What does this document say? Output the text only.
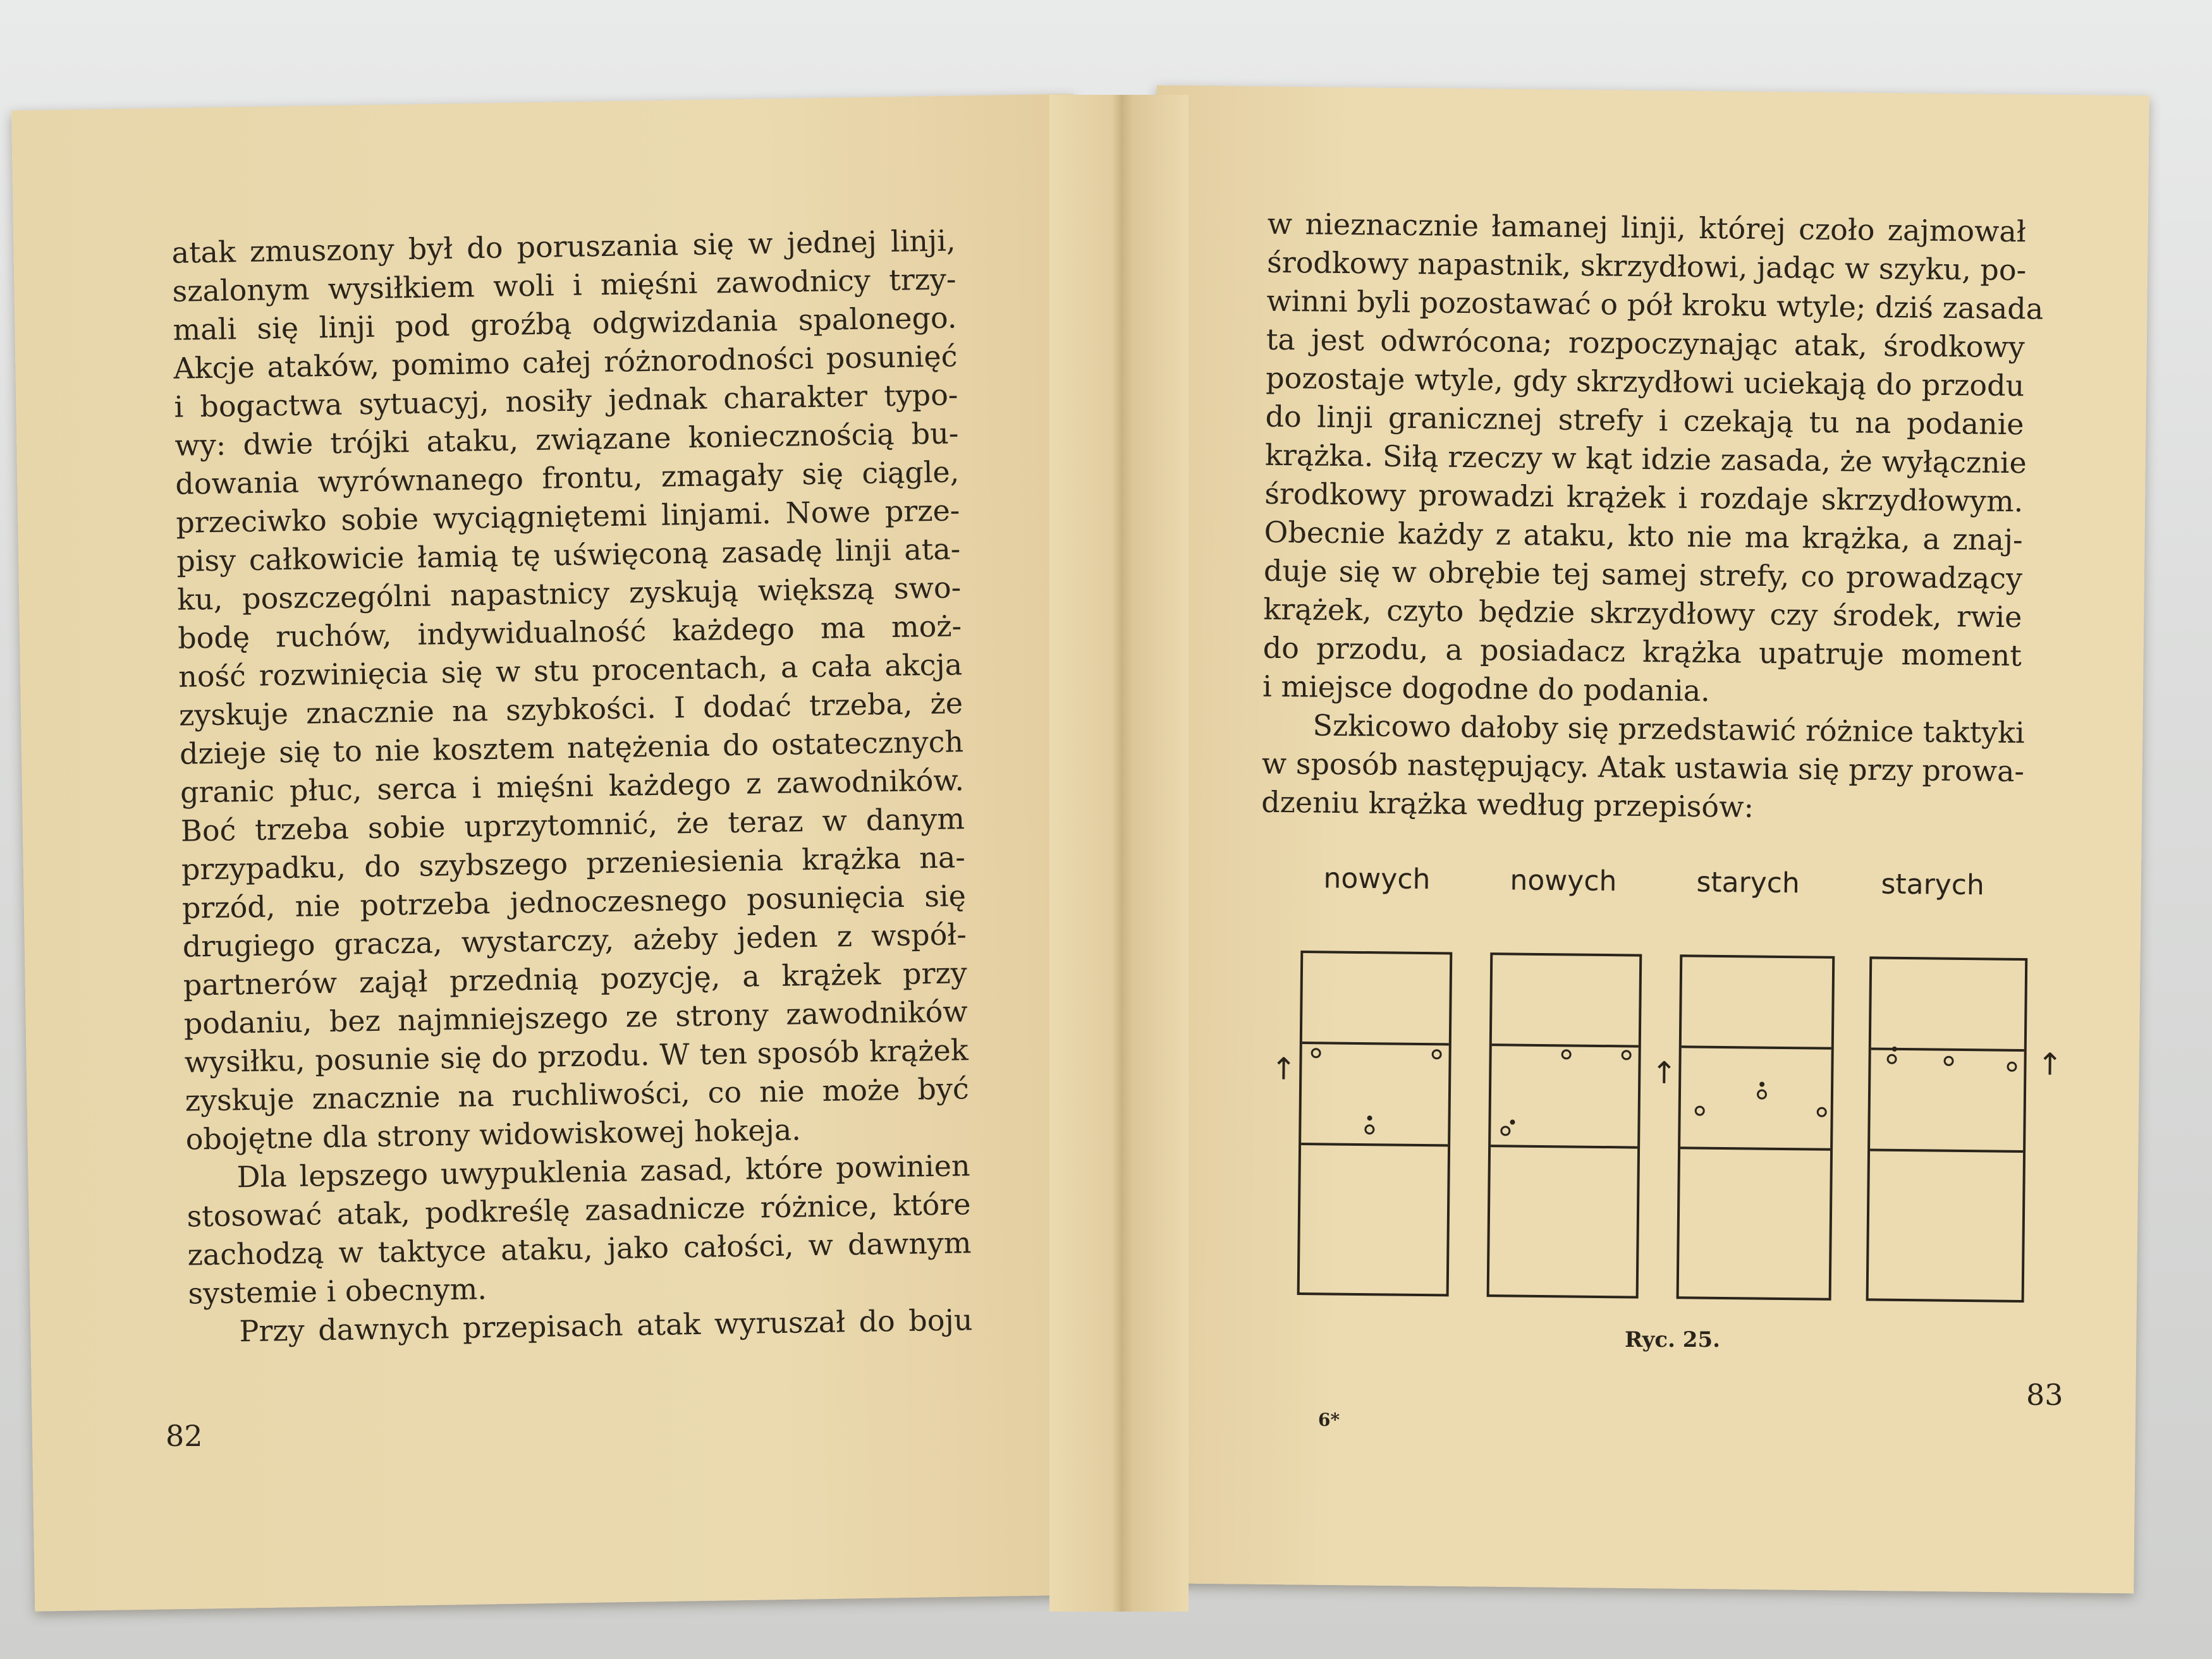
atak zmuszony był do poruszania się w jednej linji,
szalonym wysiłkiem woli i mięśni zawodnicy trzy-
mali się linji pod groźbą odgwizdania spalonego.
Akcje ataków, pomimo całej różnorodności posunięć
i bogactwa sytuacyj, nosiły jednak charakter typo-
wy: dwie trójki ataku, związane koniecznością bu-
dowania wyrównanego frontu, zmagały się ciągle,
przeciwko sobie wyciągniętemi linjami. Nowe prze-
pisy całkowicie łamią tę uświęconą zasadę linji ata-
ku, poszczególni napastnicy zyskują większą swo-
bodę ruchów, indywidualność każdego ma moż-
ność rozwinięcia się w stu procentach, a cała akcja
zyskuje znacznie na szybkości. I dodać trzeba, że
dzieje się to nie kosztem natężenia do ostatecznych
granic płuc, serca i mięśni każdego z zawodników.
Boć trzeba sobie uprzytomnić, że teraz w danym
przypadku, do szybszego przeniesienia krążka na-
przód, nie potrzeba jednoczesnego posunięcia się
drugiego gracza, wystarczy, ażeby jeden z współ-
partnerów zajął przednią pozycję, a krążek przy
podaniu, bez najmniejszego ze strony zawodników
wysiłku, posunie się do przodu. W ten sposób krążek
zyskuje znacznie na ruchliwości, co nie może być
obojętne dla strony widowiskowej hokeja.
Dla lepszego uwypuklenia zasad, które powinien
stosować atak, podkreślę zasadnicze różnice, które
zachodzą w taktyce ataku, jako całości, w dawnym
systemie i obecnym.
Przy dawnych przepisach atak wyruszał do boju
82
w nieznacznie łamanej linji, której czoło zajmował
środkowy napastnik, skrzydłowi, jadąc w szyku, po-
winni byli pozostawać o pół kroku wtyle; dziś zasada
ta jest odwrócona; rozpoczynając atak, środkowy
pozostaje wtyle, gdy skrzydłowi uciekają do przodu
do linji granicznej strefy i czekają tu na podanie
krążka. Siłą rzeczy w kąt idzie zasada, że wyłącznie
środkowy prowadzi krążek i rozdaje skrzydłowym.
Obecnie każdy z ataku, kto nie ma krążka, a znaj-
duje się w obrębie tej samej strefy, co prowadzący
krążek, czyto będzie skrzydłowy czy środek, rwie
do przodu, a posiadacz krążka upatruje moment
i miejsce dogodne do podania.
Szkicowo dałoby się przedstawić różnice taktyki
w sposób następujący. Atak ustawia się przy prowa-
dzeniu krążka według przepisów:
nowych	nowych	starych	starych
↑	↑	↑
Ryc. 25.
6*
83
